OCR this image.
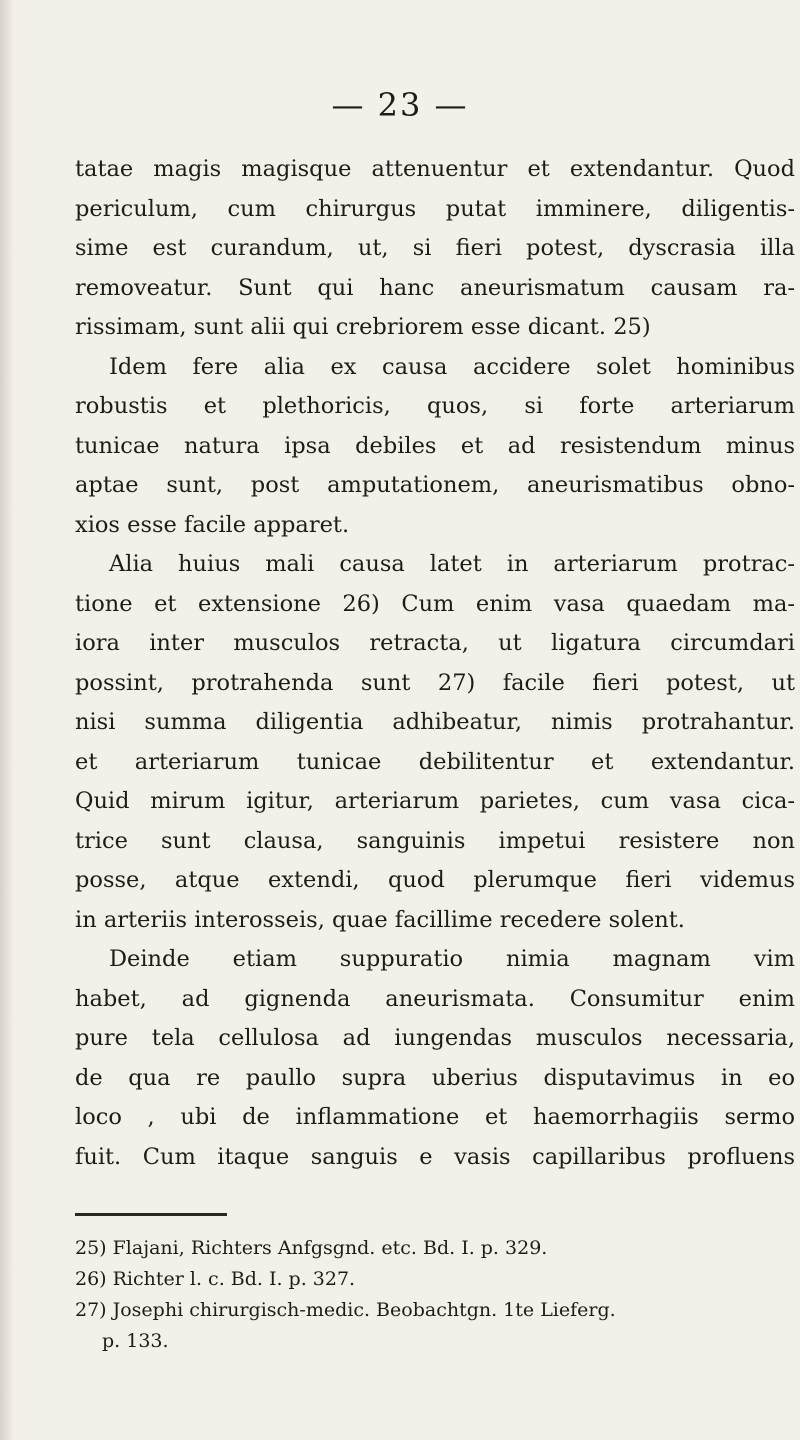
— 23 —
tatae magis magisque attenuentur et extendantur. Quod
periculum, cum chirurgus putat imminere, diligentis-
sime est curandum, ut, si fieri potest, dyscrasia illa
removeatur. Sunt qui hanc aneurismatum causam ra-
rissimam, sunt alii qui crebriorem esse dicant. 25)
Idem fere alia ex causa accidere solet hominibus
robustis et plethoricis, quos, si forte arteriarum
tunicae natura ipsa debiles et ad resistendum minus
aptae sunt, post amputationem, aneurismatibus obno-
xios esse facile apparet.
Alia huius mali causa latet in arteriarum protrac-
tione et extensione 26) Cum enim vasa quaedam ma-
iora inter musculos retracta, ut ligatura circumdari
possint, protrahenda sunt 27) facile fieri potest, ut
nisi summa diligentia adhibeatur, nimis protrahantur.
et arteriarum tunicae debilitentur et extendantur.
Quid mirum igitur, arteriarum parietes, cum vasa cica-
trice sunt clausa, sanguinis impetui resistere non
posse, atque extendi, quod plerumque fieri videmus
in arteriis interosseis, quae facillime recedere solent.
Deinde etiam suppuratio nimia magnam vim
habet, ad gignenda aneurismata. Consumitur enim
pure tela cellulosa ad iungendas musculos necessaria,
de qua re paullo supra uberius disputavimus in eo
loco , ubi de inflammatione et haemorrhagiis sermo
fuit. Cum itaque sanguis e vasis capillaribus profluens
25) Flajani, Richters Anfgsgnd. etc. Bd. I. p. 329.
26) Richter l. c. Bd. I. p. 327.
27) Josephi chirurgisch-medic. Beobachtgn. 1te Lieferg.
p. 133.
